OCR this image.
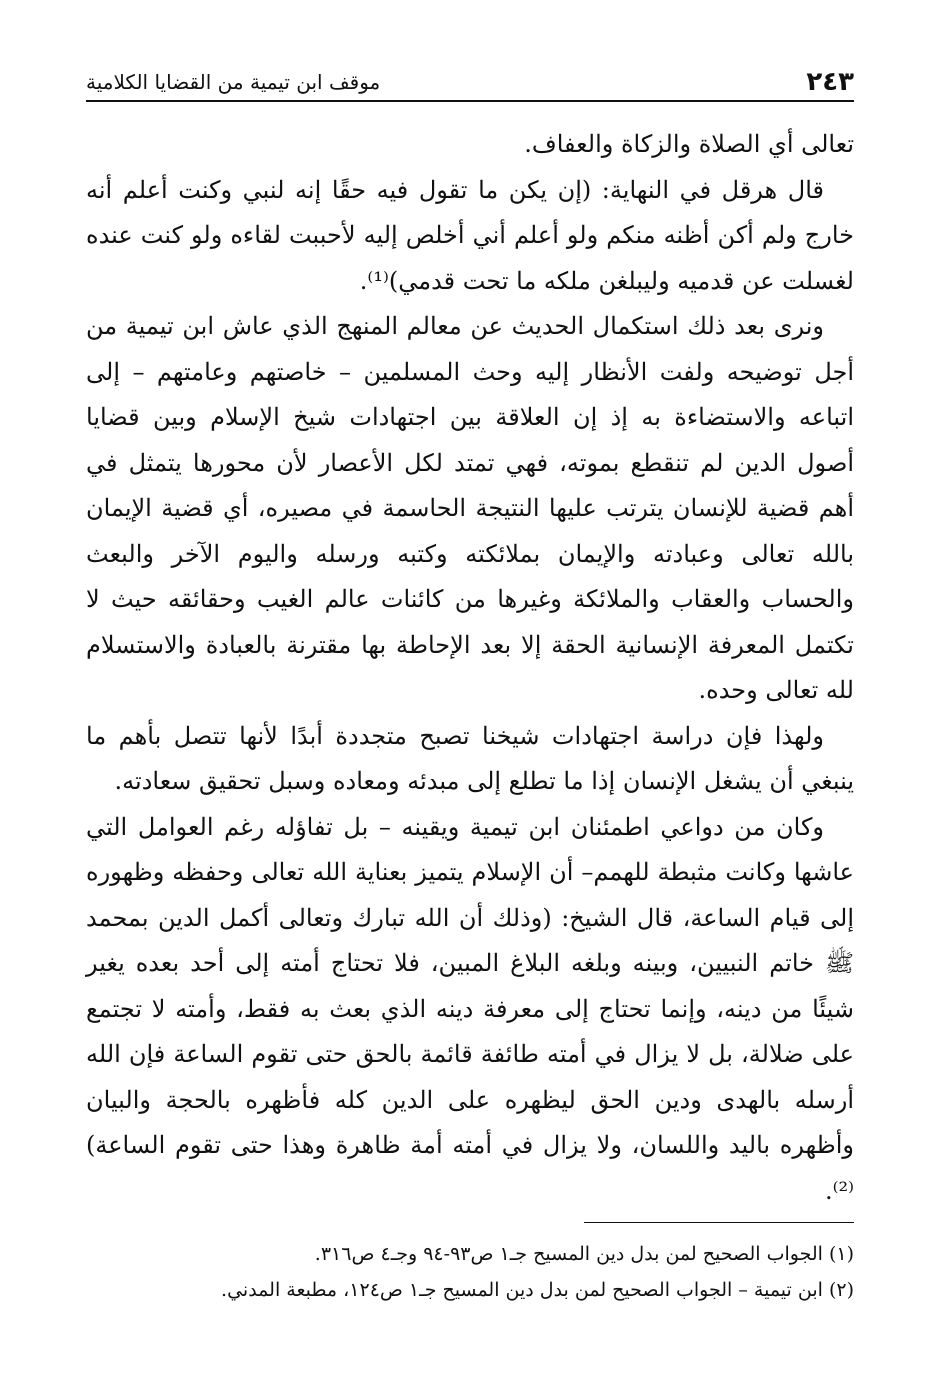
موقف ابن تيمية من القضايا الكلامية	٢٤٣

تعالى أي الصلاة والزكاة والعفاف.

قال هرقل في النهاية: (إن يكن ما تقول فيه حقًا إنه لنبي وكنت أعلم أنه خارج ولم أكن أظنه منكم ولو أعلم أني أخلص إليه لأحببت لقاءه ولو كنت عنده لغسلت عن قدميه وليبلغن ملكه ما تحت قدمي)⁽¹⁾.

ونرى بعد ذلك استكمال الحديث عن معالم المنهج الذي عاش ابن تيمية من أجل توضيحه ولفت الأنظار إليه وحث المسلمين – خاصتهم وعامتهم – إلى اتباعه والاستضاءة به إذ إن العلاقة بين اجتهادات شيخ الإسلام وبين قضايا أصول الدين لم تنقطع بموته، فهي تمتد لكل الأعصار لأن محورها يتمثل في أهم قضية للإنسان يترتب عليها النتيجة الحاسمة في مصيره، أي قضية الإيمان بالله تعالى وعبادته والإيمان بملائكته وكتبه ورسله واليوم الآخر والبعث والحساب والعقاب والملائكة وغيرها من كائنات عالم الغيب وحقائقه حيث لا تكتمل المعرفة الإنسانية الحقة إلا بعد الإحاطة بها مقترنة بالعبادة والاستسلام لله تعالى وحده.

ولهذا فإن دراسة اجتهادات شيخنا تصبح متجددة أبدًا لأنها تتصل بأهم ما ينبغي أن يشغل الإنسان إذا ما تطلع إلى مبدئه ومعاده وسبل تحقيق سعادته.

وكان من دواعي اطمئنان ابن تيمية ويقينه – بل تفاؤله رغم العوامل التي عاشها وكانت مثبطة للهمم– أن الإسلام يتميز بعناية الله تعالى وحفظه وظهوره إلى قيام الساعة، قال الشيخ: (وذلك أن الله تبارك وتعالى أكمل الدين بمحمد ﷺ خاتم النبيين، وبينه وبلغه البلاغ المبين، فلا تحتاج أمته إلى أحد بعده يغير شيئًا من دينه، وإنما تحتاج إلى معرفة دينه الذي بعث به فقط، وأمته لا تجتمع على ضلالة، بل لا يزال في أمته طائفة قائمة بالحق حتى تقوم الساعة فإن الله أرسله بالهدى ودين الحق ليظهره على الدين كله فأظهره بالحجة والبيان وأظهره باليد واللسان، ولا يزال في أمته أمة ظاهرة وهذا حتى تقوم الساعة)⁽²⁾.

(١) الجواب الصحيح لمن بدل دين المسيح جـ١ ص٩٣-٩٤ وجـ٤ ص٣١٦.

(٢) ابن تيمية – الجواب الصحيح لمن بدل دين المسيح جـ١ ص١٢٤، مطبعة المدني.
